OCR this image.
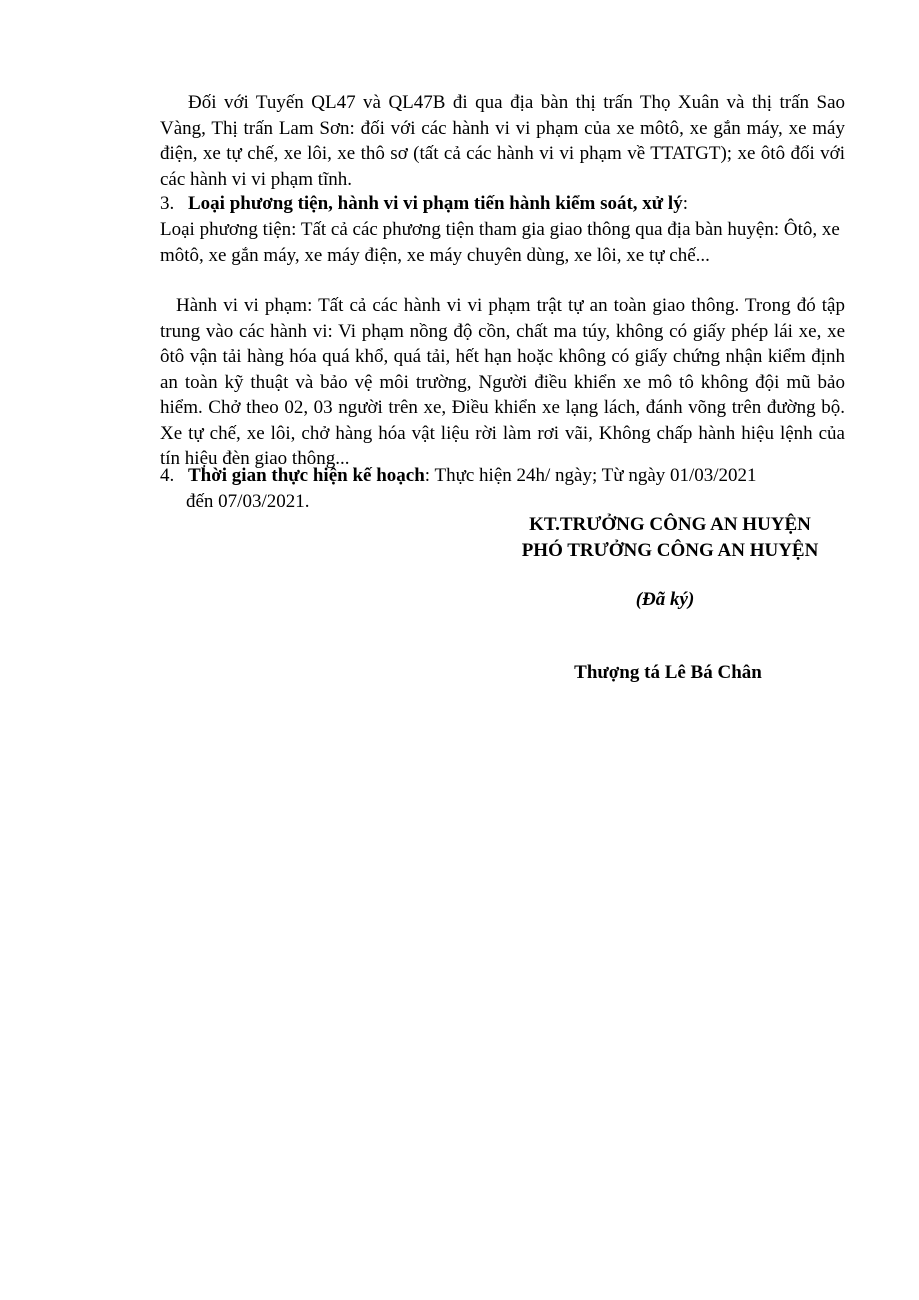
Đối với Tuyến QL47 và QL47B đi qua địa bàn thị trấn Thọ Xuân và thị trấn Sao Vàng, Thị trấn Lam Sơn: đối với các hành vi vi phạm của xe môtô, xe gắn máy, xe máy điện, xe tự chế, xe lôi, xe thô sơ (tất cả các hành vi vi phạm về TTATGT); xe ôtô đối với các hành vi vi phạm tĩnh.
3. Loại phương tiện, hành vi vi phạm tiến hành kiểm soát, xử lý:
Loại phương tiện: Tất cả các phương tiện tham gia giao thông qua địa bàn huyện: Ôtô, xe môtô, xe gắn máy, xe máy điện, xe máy chuyên dùng, xe lôi, xe tự chế...
Hành vi vi phạm: Tất cả các hành vi vi phạm trật tự an toàn giao thông. Trong đó tập trung vào các hành vi: Vi phạm nồng độ cồn, chất ma túy, không có giấy phép lái xe, xe ôtô vận tải hàng hóa quá khổ, quá tải, hết hạn hoặc không có giấy chứng nhận kiểm định an toàn kỹ thuật và bảo vệ môi trường, Người điều khiển xe mô tô không đội mũ bảo hiểm. Chở theo 02, 03 người trên xe, Điều khiển xe lạng lách, đánh võng trên đường bộ. Xe tự chế, xe lôi, chở hàng hóa vật liệu rời làm rơi vãi, Không chấp hành hiệu lệnh của tín hiệu đèn giao thông...
4. Thời gian thực hiện kế hoạch: Thực hiện 24h/ ngày; Từ ngày 01/03/2021
đến 07/03/2021.
KT.TRƯỞNG CÔNG AN HUYỆN
PHÓ TRƯỞNG CÔNG AN HUYỆN
(Đã ký)
Thượng tá Lê Bá Chân
